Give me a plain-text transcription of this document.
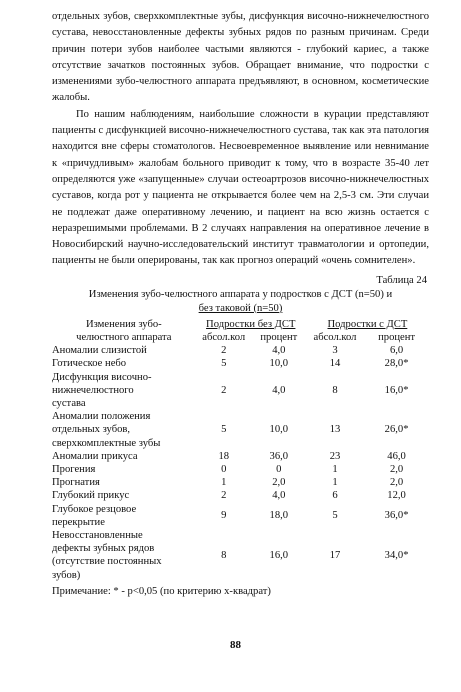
отдельных зубов, сверхкомплектные зубы, дисфункция височно-нижнечелюстного сустава, невосстановленные дефекты зубных рядов по разным причинам. Среди причин потери зубов наиболее частыми являются - глубокий кариес, а также отсутствие зачатков постоянных зубов. Обращает внимание, что подростки с изменениями зубо-челюстного аппарата предъявляют, в основном, косметические жалобы.

По нашим наблюдениям, наибольшие сложности в курации представляют пациенты с дисфункцией височно-нижнечелюстного сустава, так как эта патология находится вне сферы стоматологов. Несвоевременное выявление или невнимание к «причудливым» жалобам больного приводит к тому, что в возрасте 35-40 лет определяются уже «запущенные» случаи остеоартрозов височно-нижнечелюстных суставов, когда рот у пациента не открывается более чем на 2,5-3 см. Эти случаи не подлежат даже оперативному лечению, и пациент на всю жизнь остается с неразрешимыми проблемами. В 2 случаях направления на оперативное лечение в Новосибирский научно-исследовательский институт травматологии и ортопедии, пациенты не были оперированы, так как прогноз операций «очень сомнителен».

Таблица 24
Изменения зубо-челюстного аппарата у подростков с ДСТ (n=50) и
без таковой (n=50)
Изменения зубо-	Подростки без ДСТ		Подростки с ДСТ	
челюстного аппарата	абсол.кол	процент	абсол.кол	процент

Аномалии слизистой	2	4,0	3	6,0

Готическое небо	5	10,0	14	28,0*

Дисфункция височно-
нижнечелюстного
сустава	2	4,0	8	16,0*

Аномалии положения
отдельных зубов,
сверхкомплектные зубы	5	10,0	13	26,0*

Аномалии прикуса	18	36,0	23	46,0

Прогения	0	0	1	2,0

Прогнатия	1	2,0	1	2,0

Глубокий прикус	2	4,0	6	12,0

Глубокое резцовое
перекрытие	9	18,0	5	36,0*

Невосстановленные
дефекты зубных рядов
(отсутствие постоянных
зубов)	8	16,0	17	34,0*
Примечание: * - p<0,05 (по критерию х-квадрат)
88
